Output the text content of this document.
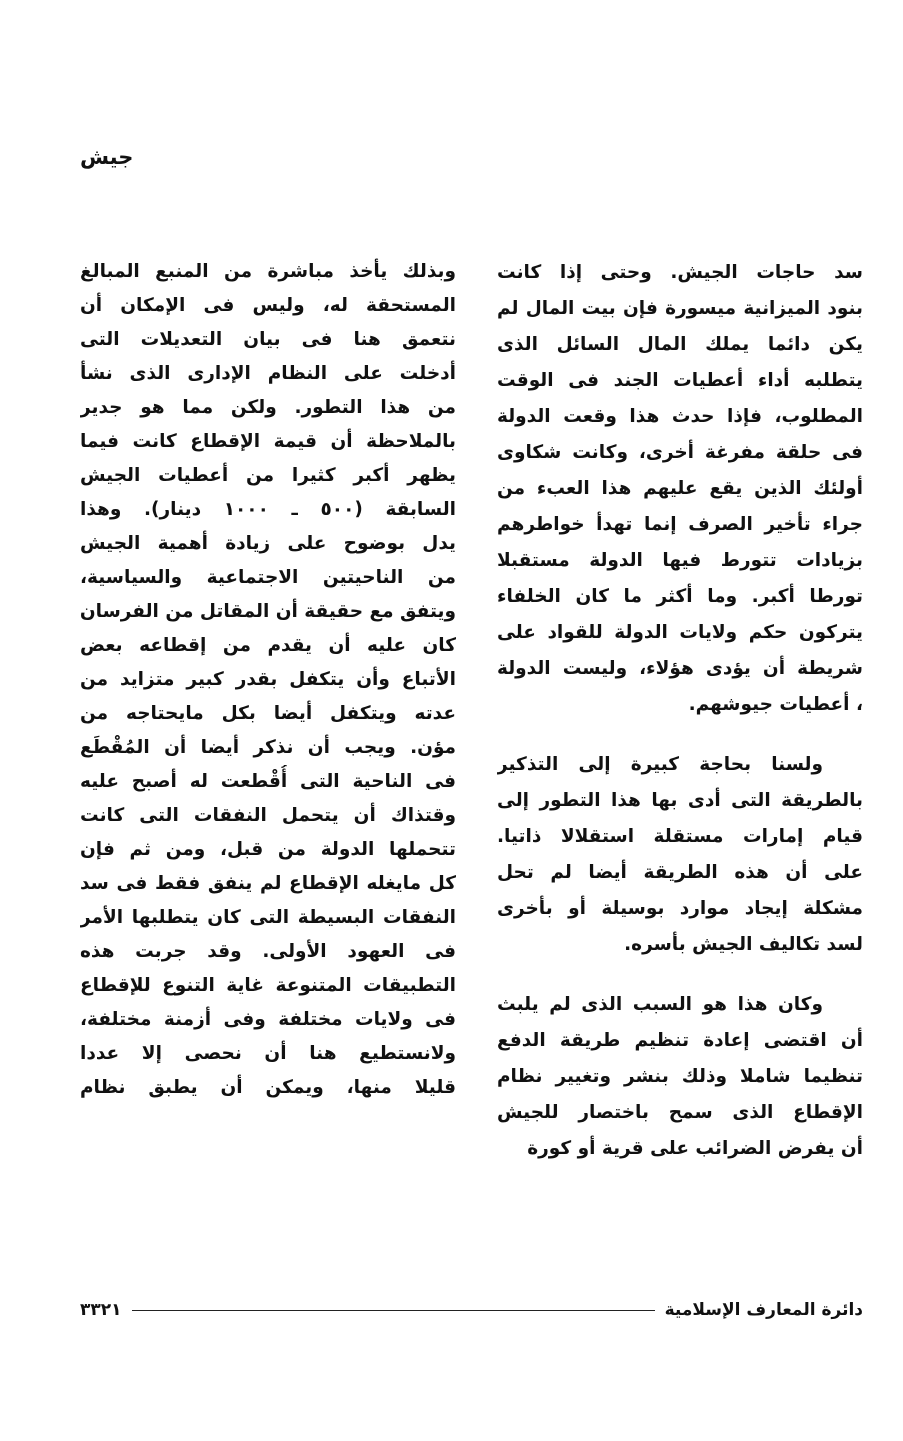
جيش
سد حاجات الجيش. وحتى إذا كانت
بنود الميزانية ميسورة فإن بيت المال لم
يكن دائما يملك المال السائل الذى
يتطلبه أداء أعطيات الجند فى الوقت
المطلوب، فإذا حدث هذا وقعت الدولة
فى حلقة مفرغة أخرى، وكانت شكاوى
أولئك الذين يقع عليهم هذا العبء من
جراء تأخير الصرف إنما تهدأ خواطرهم
بزيادات تتورط فيها الدولة مستقبلا
تورطا أكبر. وما أكثر ما كان الخلفاء
يتركون حكم ولايات الدولة للقواد على
شريطة أن يؤدى هؤلاء، وليست الدولة
، أعطيات جيوشهم.
ولسنا بحاجة كبيرة إلى التذكير
بالطريقة التى أدى بها هذا التطور إلى
قيام إمارات مستقلة استقلالا ذاتيا.
على أن هذه الطريقة أيضا لم تحل
مشكلة إيجاد موارد بوسيلة أو بأخرى
لسد تكاليف الجيش بأسره.
وكان هذا هو السبب الذى لم يلبث
أن اقتضى إعادة تنظيم طريقة الدفع
تنظيما شاملا وذلك بنشر وتغيير نظام
الإقطاع الذى سمح باختصار للجيش
أن يفرض الضرائب على قرية أو كورة
وبذلك يأخذ مباشرة من المنبع المبالغ
المستحقة له، وليس فى الإمكان أن
نتعمق هنا فى بيان التعديلات التى
أدخلت على النظام الإدارى الذى نشأ
من هذا التطور. ولكن مما هو جدير
بالملاحظة أن قيمة الإقطاع كانت فيما
يظهر أكبر كثيرا من أعطيات الجيش
السابقة (٥٠٠ ـ ١٠٠٠ دينار). وهذا
يدل بوضوح على زيادة أهمية الجيش
من الناحيتين الاجتماعية والسياسية،
ويتفق مع حقيقة أن المقاتل من الفرسان
كان عليه أن يقدم من إقطاعه بعض
الأتباع وأن يتكفل بقدر كبير متزايد من
عدته ويتكفل أيضا بكل مايحتاجه من
مؤن. ويجب أن نذكر أيضا أن المُقْطَع
فى الناحية التى أُقْطعت له أصبح عليه
وقتذاك أن يتحمل النفقات التى كانت
تتحملها الدولة من قبل، ومن ثم فإن
كل مايغله الإقطاع لم ينفق فقط فى سد
النفقات البسيطة التى كان يتطلبها الأمر
فى العهود الأولى. وقد جربت هذه
التطبيقات المتنوعة غاية التنوع للإقطاع
فى ولايات مختلفة وفى أزمنة مختلفة،
ولانستطيع هنا أن نحصى إلا عددا
قليلا منها، ويمكن أن يطبق نظام
دائرة المعارف الإسلامية
٣٣٢١
